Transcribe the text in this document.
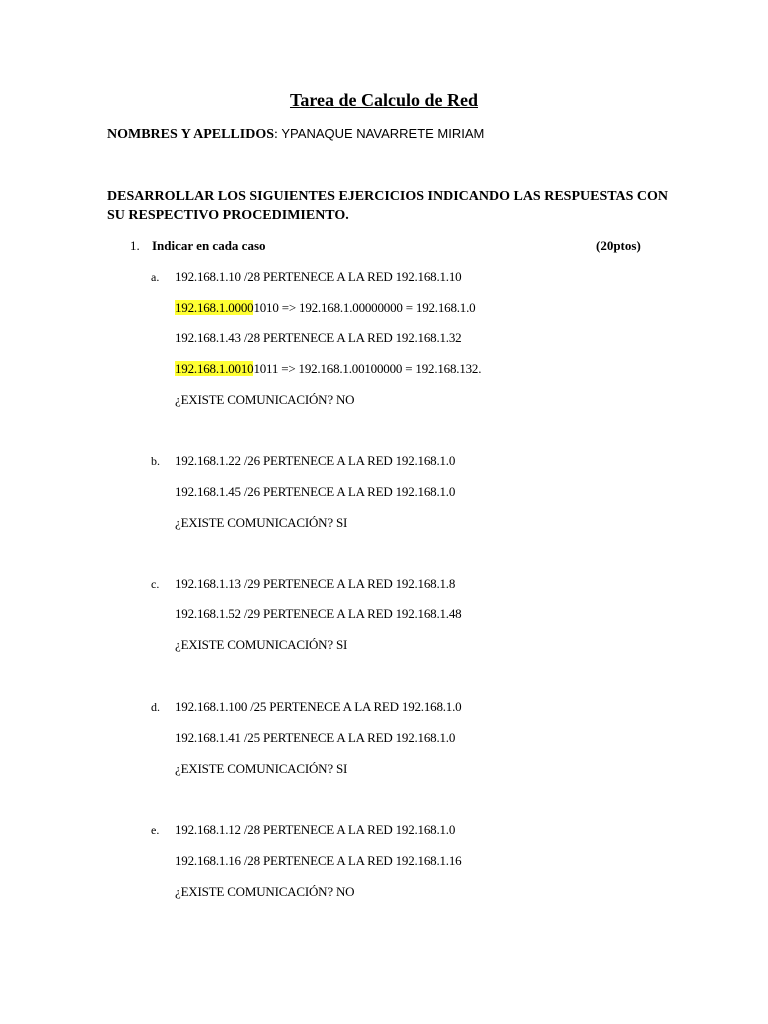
Tarea de Calculo de Red
NOMBRES Y APELLIDOS: YPANAQUE NAVARRETE MIRIAM

DESARROLLAR LOS SIGUIENTES EJERCICIOS INDICANDO LAS RESPUESTAS CON SU RESPECTIVO PROCEDIMIENTO.

1. Indicar en cada caso	(20ptos)
a. 192.168.1.10 /28 PERTENECE A LA RED 192.168.1.10
192.168.1.00001010 => 192.168.1.00000000 = 192.168.1.0
192.168.1.43 /28 PERTENECE A LA RED 192.168.1.32
192.168.1.00101011 => 192.168.1.00100000 = 192.168.132.
¿EXISTE COMUNICACIÓN? NO
b. 192.168.1.22 /26 PERTENECE A LA RED 192.168.1.0
192.168.1.45 /26 PERTENECE A LA RED 192.168.1.0
¿EXISTE COMUNICACIÓN? SI
c. 192.168.1.13 /29 PERTENECE A LA RED 192.168.1.8
192.168.1.52 /29 PERTENECE A LA RED 192.168.1.48
¿EXISTE COMUNICACIÓN? SI
d. 192.168.1.100 /25 PERTENECE A LA RED 192.168.1.0
192.168.1.41 /25 PERTENECE A LA RED 192.168.1.0
¿EXISTE COMUNICACIÓN? SI
e. 192.168.1.12 /28 PERTENECE A LA RED 192.168.1.0
192.168.1.16 /28 PERTENECE A LA RED 192.168.1.16
¿EXISTE COMUNICACIÓN? NO
